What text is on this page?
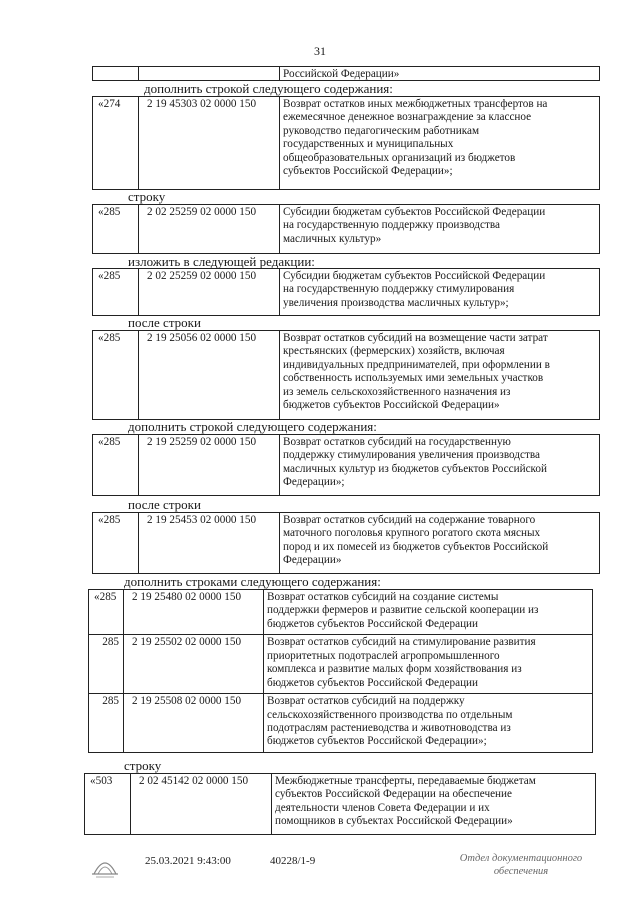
31
Российской Федерации»
дополнить строкой следующего содержания:
«274	2 19 45303 02 0000 150	Возврат остатков иных межбюджетных трансфертов на
ежемесячное денежное вознаграждение за классное
руководство педагогическим работникам
государственных и муниципальных
общеобразовательных организаций из бюджетов
субъектов Российской Федерации»;
строку
«285	2 02 25259 02 0000 150	Субсидии бюджетам субъектов Российской Федерации
на государственную поддержку производства
масличных культур»
изложить в следующей редакции:
«285	2 02 25259 02 0000 150	Субсидии бюджетам субъектов Российской Федерации
на государственную поддержку стимулирования
увеличения производства масличных культур»;
после строки
«285	2 19 25056 02 0000 150	Возврат остатков субсидий на возмещение части затрат
крестьянских (фермерских) хозяйств, включая
индивидуальных предпринимателей, при оформлении в
собственность используемых ими земельных участков
из земель сельскохозяйственного назначения из
бюджетов субъектов Российской Федерации»
дополнить строкой следующего содержания:
«285	2 19 25259 02 0000 150	Возврат остатков субсидий на государственную
поддержку стимулирования увеличения производства
масличных культур из бюджетов субъектов Российской
Федерации»;
после строки
«285	2 19 25453 02 0000 150	Возврат остатков субсидий на содержание товарного
маточного поголовья крупного рогатого скота мясных
пород и их помесей из бюджетов субъектов Российской
Федерации»
дополнить строками следующего содержания:
«285	2 19 25480 02 0000 150	Возврат остатков субсидий на создание системы
поддержки фермеров и развитие сельской кооперации из
бюджетов субъектов Российской Федерации
285	2 19 25502 02 0000 150	Возврат остатков субсидий на стимулирование развития
приоритетных подотраслей агропромышленного
комплекса и развитие малых форм хозяйствования из
бюджетов субъектов Российской Федерации
285	2 19 25508 02 0000 150	Возврат остатков субсидий на поддержку
сельскохозяйственного производства по отдельным
подотраслям растениеводства и животноводства из
бюджетов субъектов Российской Федерации»;
строку
«503	2 02 45142 02 0000 150	Межбюджетные трансферты, передаваемые бюджетам
субъектов Российской Федерации на обеспечение
деятельности членов Совета Федерации и их
помощников в субъектах Российской Федерации»
25.03.2021 9:43:00	40228/1-9	Отдел документационного
обеспечения
